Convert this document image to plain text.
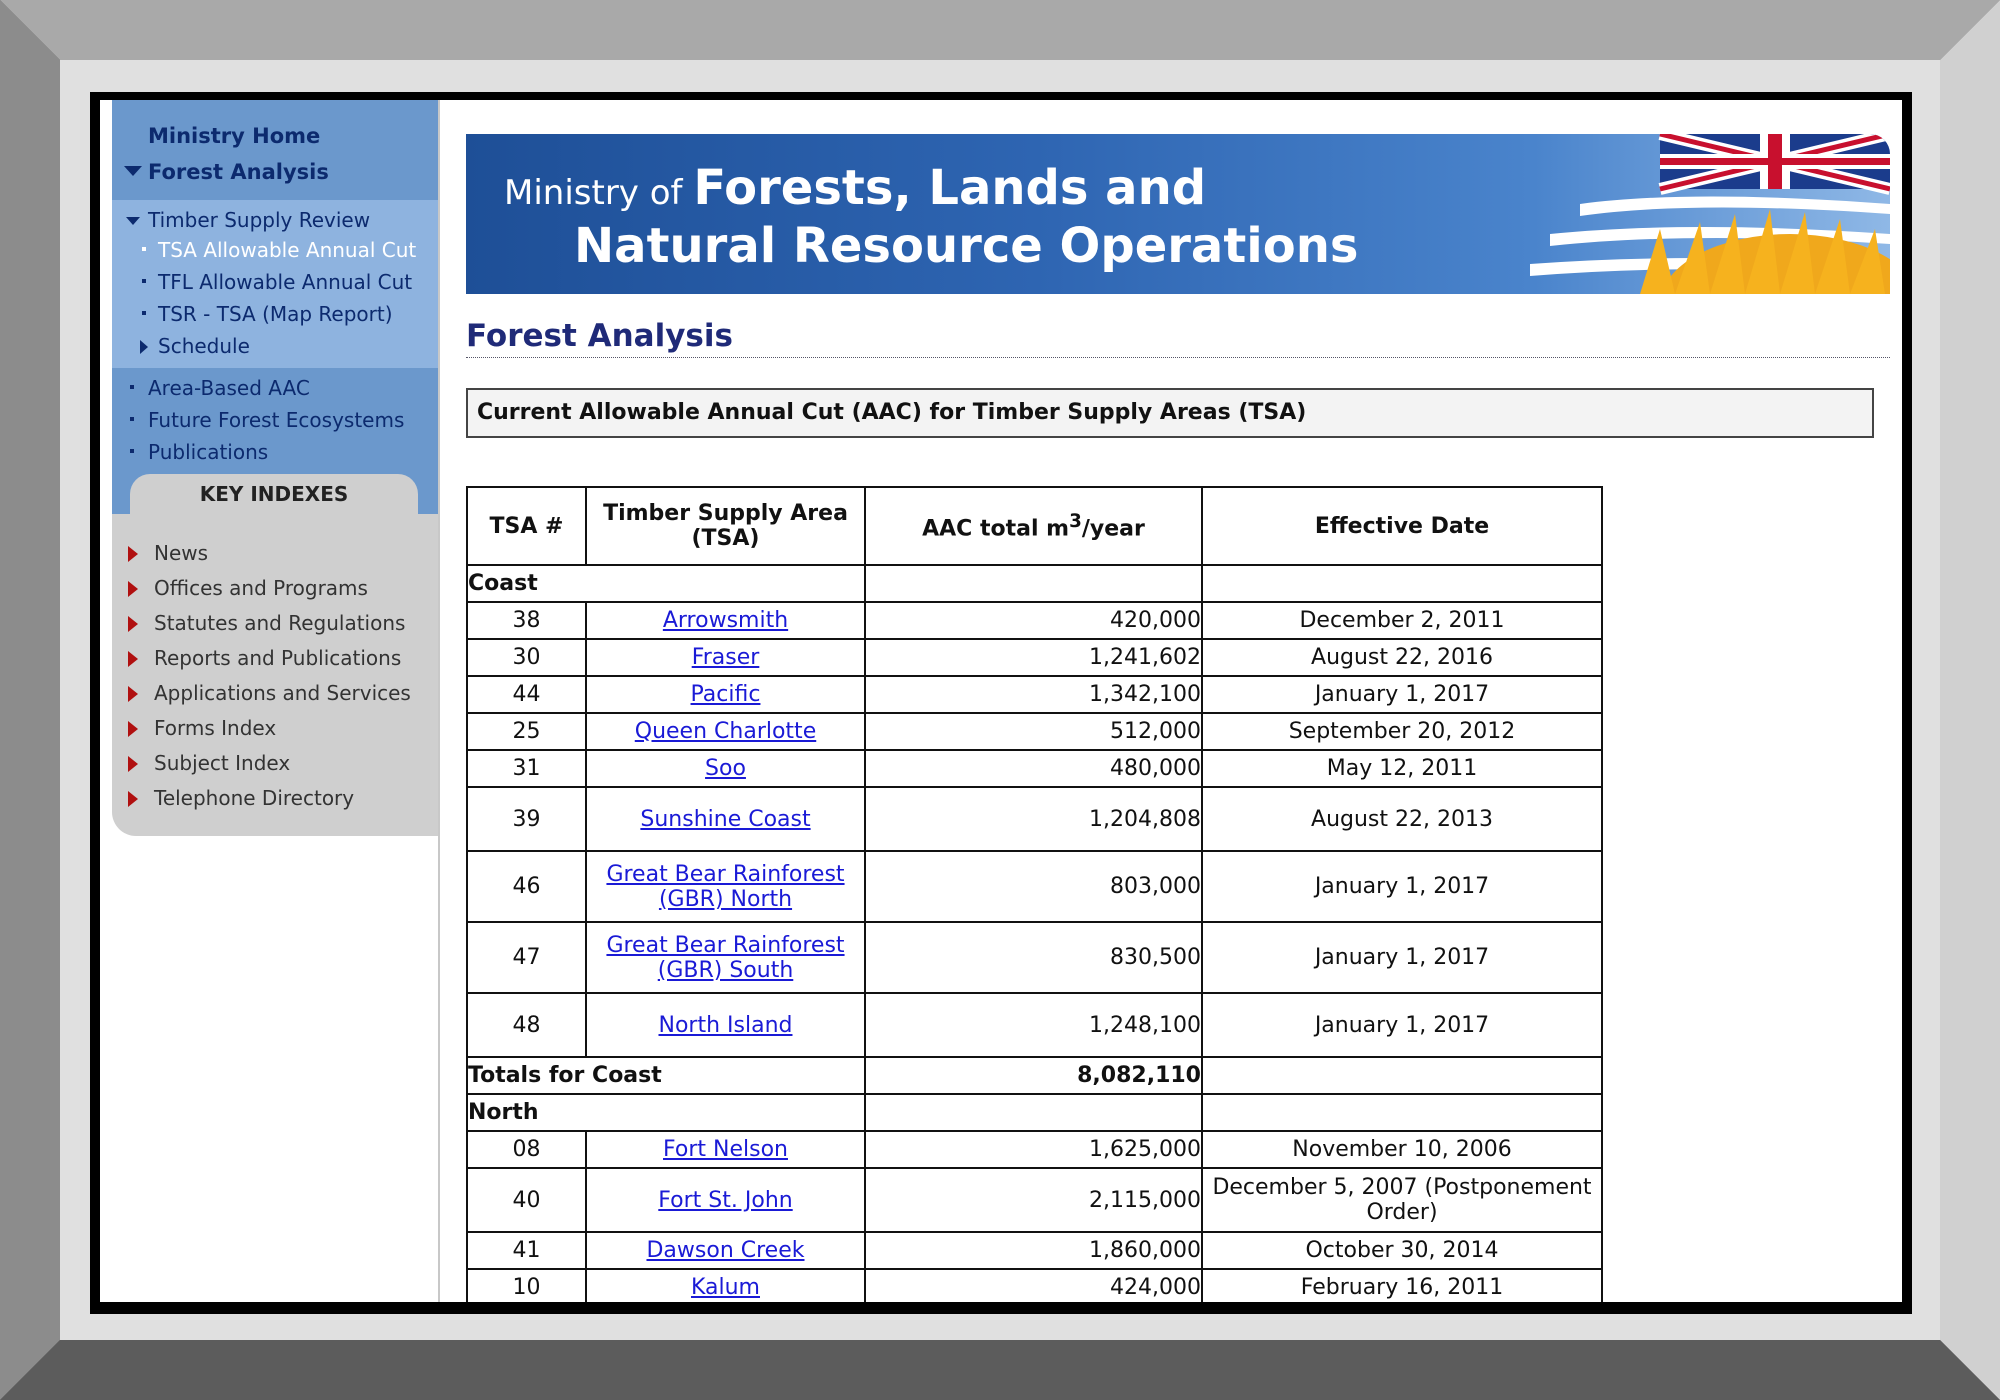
Ministry Home
Forest Analysis
Timber Supply Review
TSA Allowable Annual Cut
TFL Allowable Annual Cut
TSR - TSA (Map Report)
Schedule
Area-Based AAC
Future Forest Ecosystems
Publications
KEY INDEXES
News
Offices and Programs
Statutes and Regulations
Reports and Publications
Applications and Services
Forms Index
Subject Index
Telephone Directory
Ministry of Forests, Lands and
Natural Resource Operations
Forest Analysis
Current Allowable Annual Cut (AAC) for Timber Supply Areas (TSA)
TSA #	Timber Supply Area (TSA)	AAC total $m^3$/year	Effective Date
Coast			
38	Arrowsmith	420,000	December 2, 2011
30	Fraser	1,241,602	August 22, 2016
44	Pacific	1,342,100	January 1, 2017
25	Queen Charlotte	512,000	September 20, 2012
31	Soo	480,000	May 12, 2011
39	Sunshine Coast	1,204,808	August 22, 2013
46	Great Bear Rainforest (GBR) North	803,000	January 1, 2017
47	Great Bear Rainforest (GBR) South	830,500	January 1, 2017
48	North Island	1,248,100	January 1, 2017
Totals for Coast		8,082,110	
North			
08	Fort Nelson	1,625,000	November 10, 2006
40	Fort St. John	2,115,000	December 5, 2007 (Postponement Order)
41	Dawson Creek	1,860,000	October 30, 2014
10	Kalum	424,000	February 16, 2011
